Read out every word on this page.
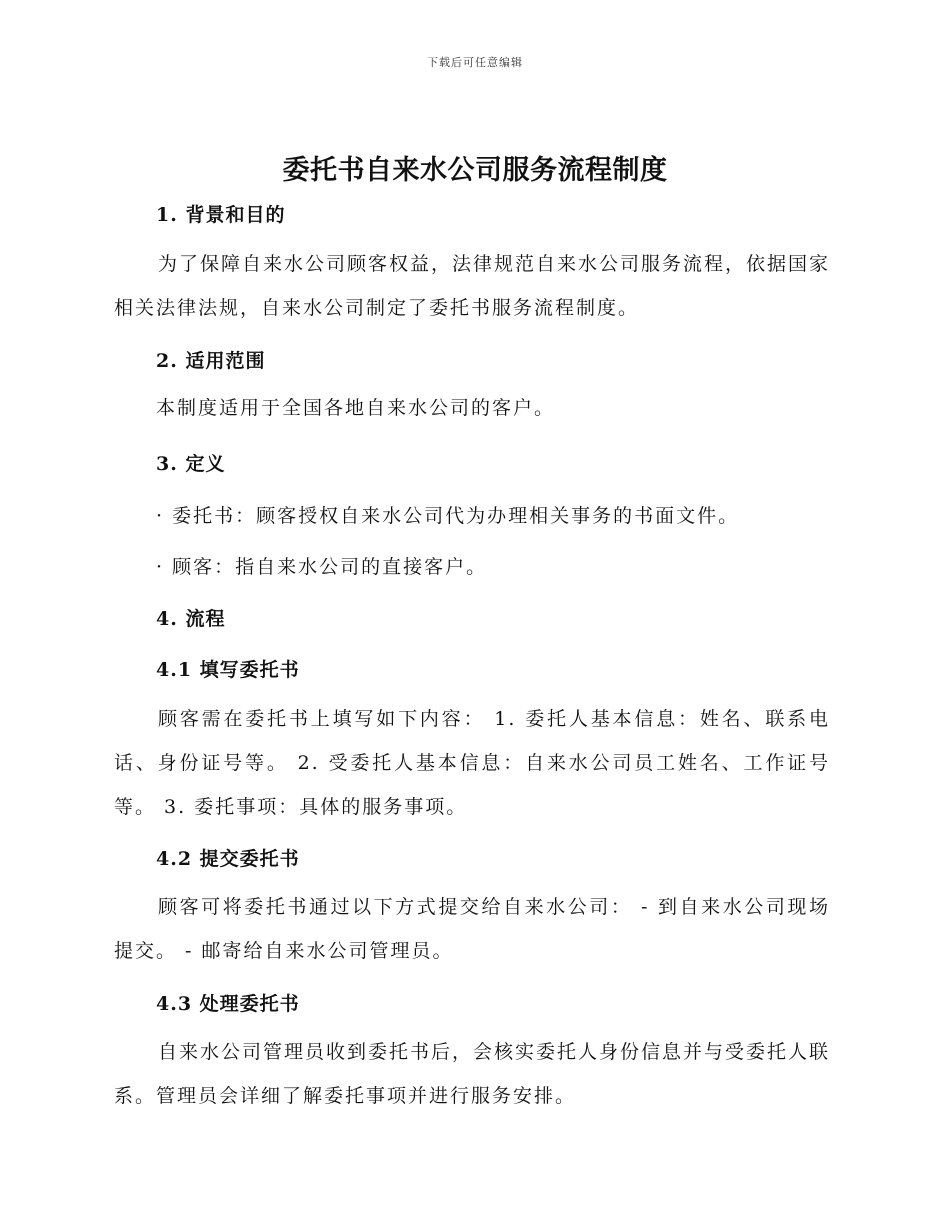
下载后可任意编辑
委托书自来水公司服务流程制度
1. 背景和目的
为了保障自来水公司顾客权益，法律规范自来水公司服务流程，依据国家相关法律法规，自来水公司制定了委托书服务流程制度。
2. 适用范围
本制度适用于全国各地自来水公司的客户。
3. 定义
· 委托书：顾客授权自来水公司代为办理相关事务的书面文件。
· 顾客：指自来水公司的直接客户。
4. 流程
4.1 填写委托书
顾客需在委托书上填写如下内容： 1. 委托人基本信息：姓名、联系电话、身份证号等。 2. 受委托人基本信息：自来水公司员工姓名、工作证号等。 3. 委托事项：具体的服务事项。
4.2 提交委托书
顾客可将委托书通过以下方式提交给自来水公司： - 到自来水公司现场提交。 - 邮寄给自来水公司管理员。
4.3 处理委托书
自来水公司管理员收到委托书后，会核实委托人身份信息并与受委托人联系。管理员会详细了解委托事项并进行服务安排。
